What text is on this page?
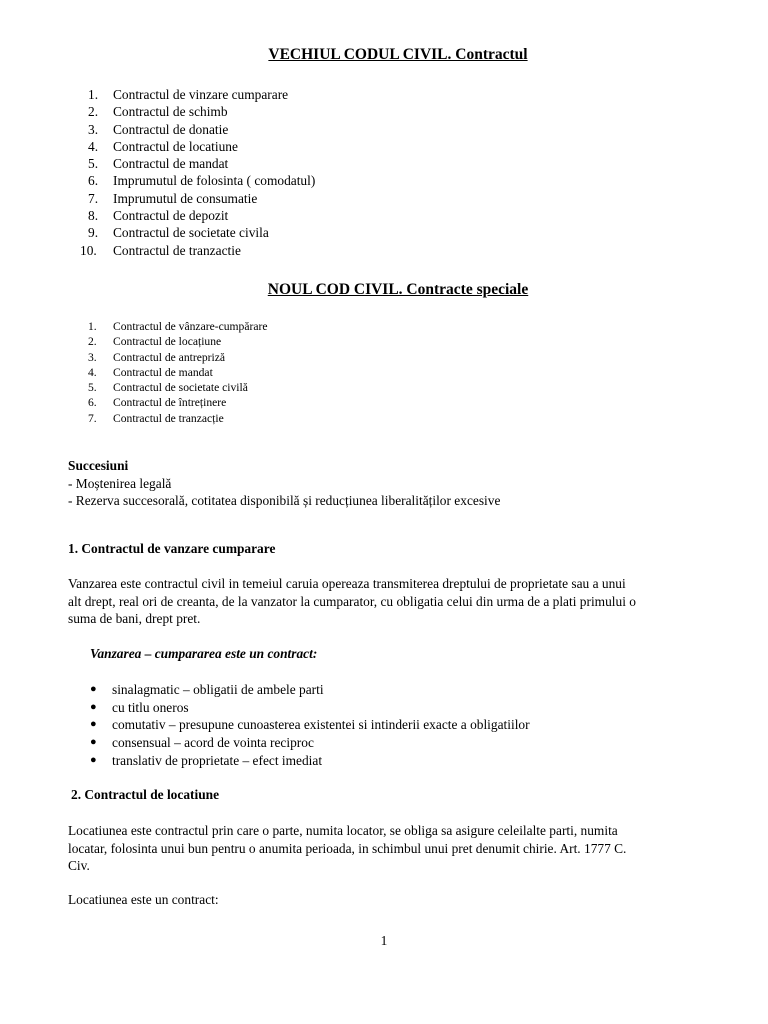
VECHIUL CODUL CIVIL. Contractul
1. Contractul de vinzare cumparare
2. Contractul de schimb
3. Contractul de donatie
4. Contractul de locatiune
5. Contractul de mandat
6. Imprumutul de folosinta ( comodatul)
7. Imprumutul de consumatie
8. Contractul de depozit
9. Contractul de societate civila
10. Contractul de tranzactie
NOUL COD CIVIL. Contracte speciale
1. Contractul de vânzare-cumpărare
2. Contractul de locațiune
3. Contractul de antrepriză
4. Contractul de mandat
5. Contractul de societate civilă
6. Contractul de întreținere
7. Contractul de tranzacție
Succesiuni
- Moștenirea legală
- Rezerva succesorală, cotitatea disponibilă și reducțiunea liberalităților excesive
1. Contractul de vanzare cumparare
Vanzarea este contractul civil in temeiul caruia opereaza transmiterea dreptului de proprietate sau a unui
alt drept, real ori de creanta, de la vanzator la cumparator, cu obligatia celui din urma de a plati primului o
suma de bani, drept pret.
Vanzarea – cumpararea este un contract:
● sinalagmatic – obligatii de ambele parti
● cu titlu oneros
● comutativ – presupune cunoasterea existentei si intinderii exacte a obligatiilor
● consensual – acord de vointa reciproc
● translativ de proprietate – efect imediat
2. Contractul de locatiune
Locatiunea este contractul prin care o parte, numita locator, se obliga sa asigure celeilalte parti, numita
locatar, folosinta unui bun pentru o anumita perioada, in schimbul unui pret denumit chirie. Art. 1777 C.
Civ.
Locatiunea este un contract:
1
